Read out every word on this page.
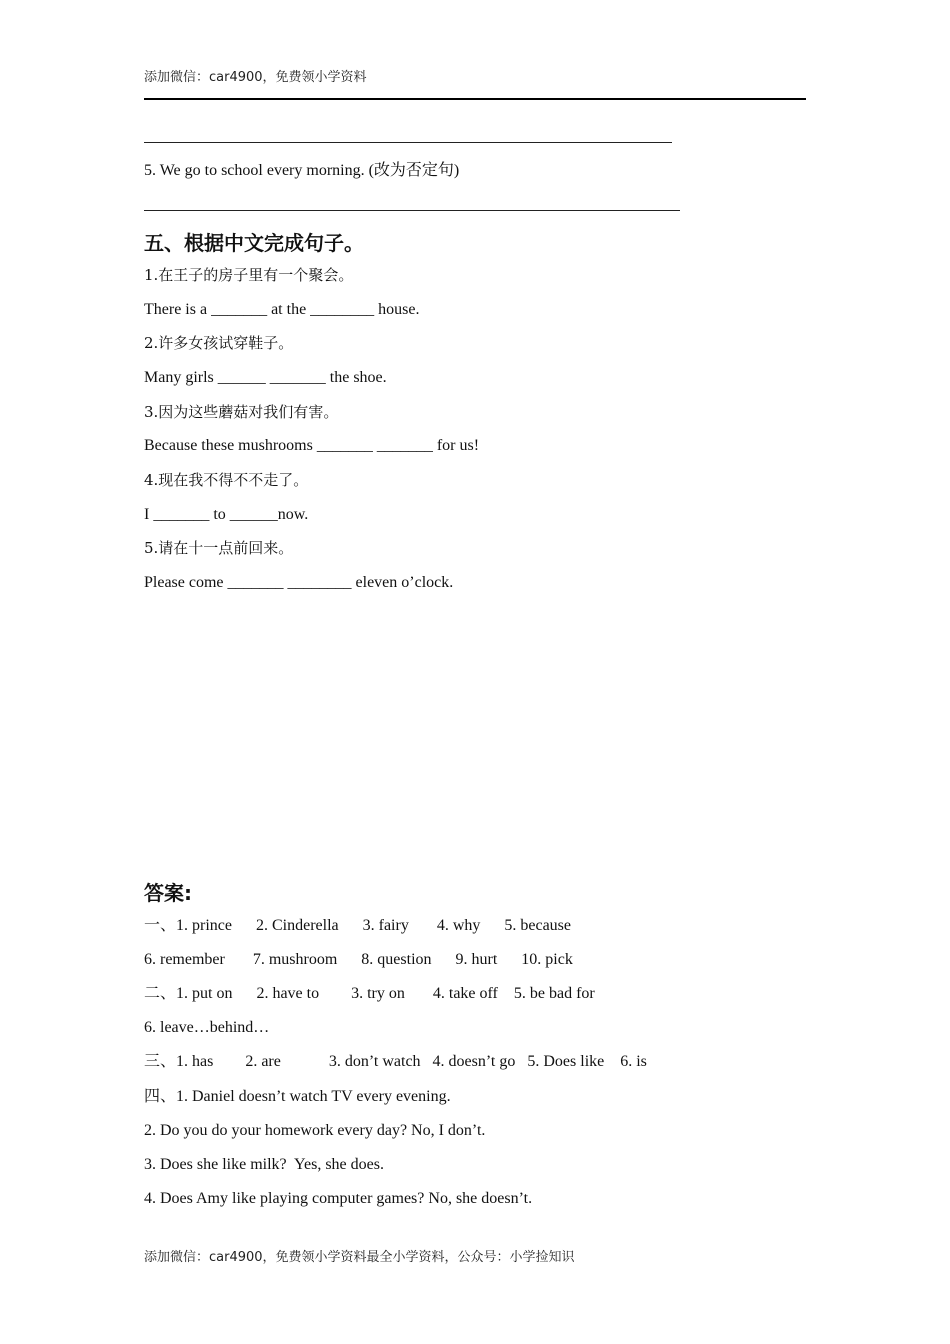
添加微信：car4900，免费领小学资料
5. We go to school every morning. (改为否定句)
五、根据中文完成句子。
1.在王子的房子里有一个聚会。
There is a _______ at the ________ house.
2.许多女孩试穿鞋子。
Many girls ______ _______ the shoe.
3.因为这些蘑菇对我们有害。
Because these mushrooms _______ _______ for us!
4.现在我不得不不走了。
I _______ to ______now.
5.请在十一点前回来。
Please come _______ ________ eleven o’clock.
答案:
一、1. prince      2. Cinderella      3. fairy       4. why      5. because
6. remember       7. mushroom      8. question      9. hurt      10. pick
二、1. put on      2. have to        3. try on       4. take off    5. be bad for
6. leave…behind…
三、1. has        2. are            3. don’t watch   4. doesn’t go   5. Does like    6. is
四、1. Daniel doesn’t watch TV every evening.
2. Do you do your homework every day? No, I don’t.
3. Does she like milk?  Yes, she does.
4. Does Amy like playing computer games? No, she doesn’t.
添加微信：car4900，免费领小学资料最全小学资料，公众号：小学捡知识
